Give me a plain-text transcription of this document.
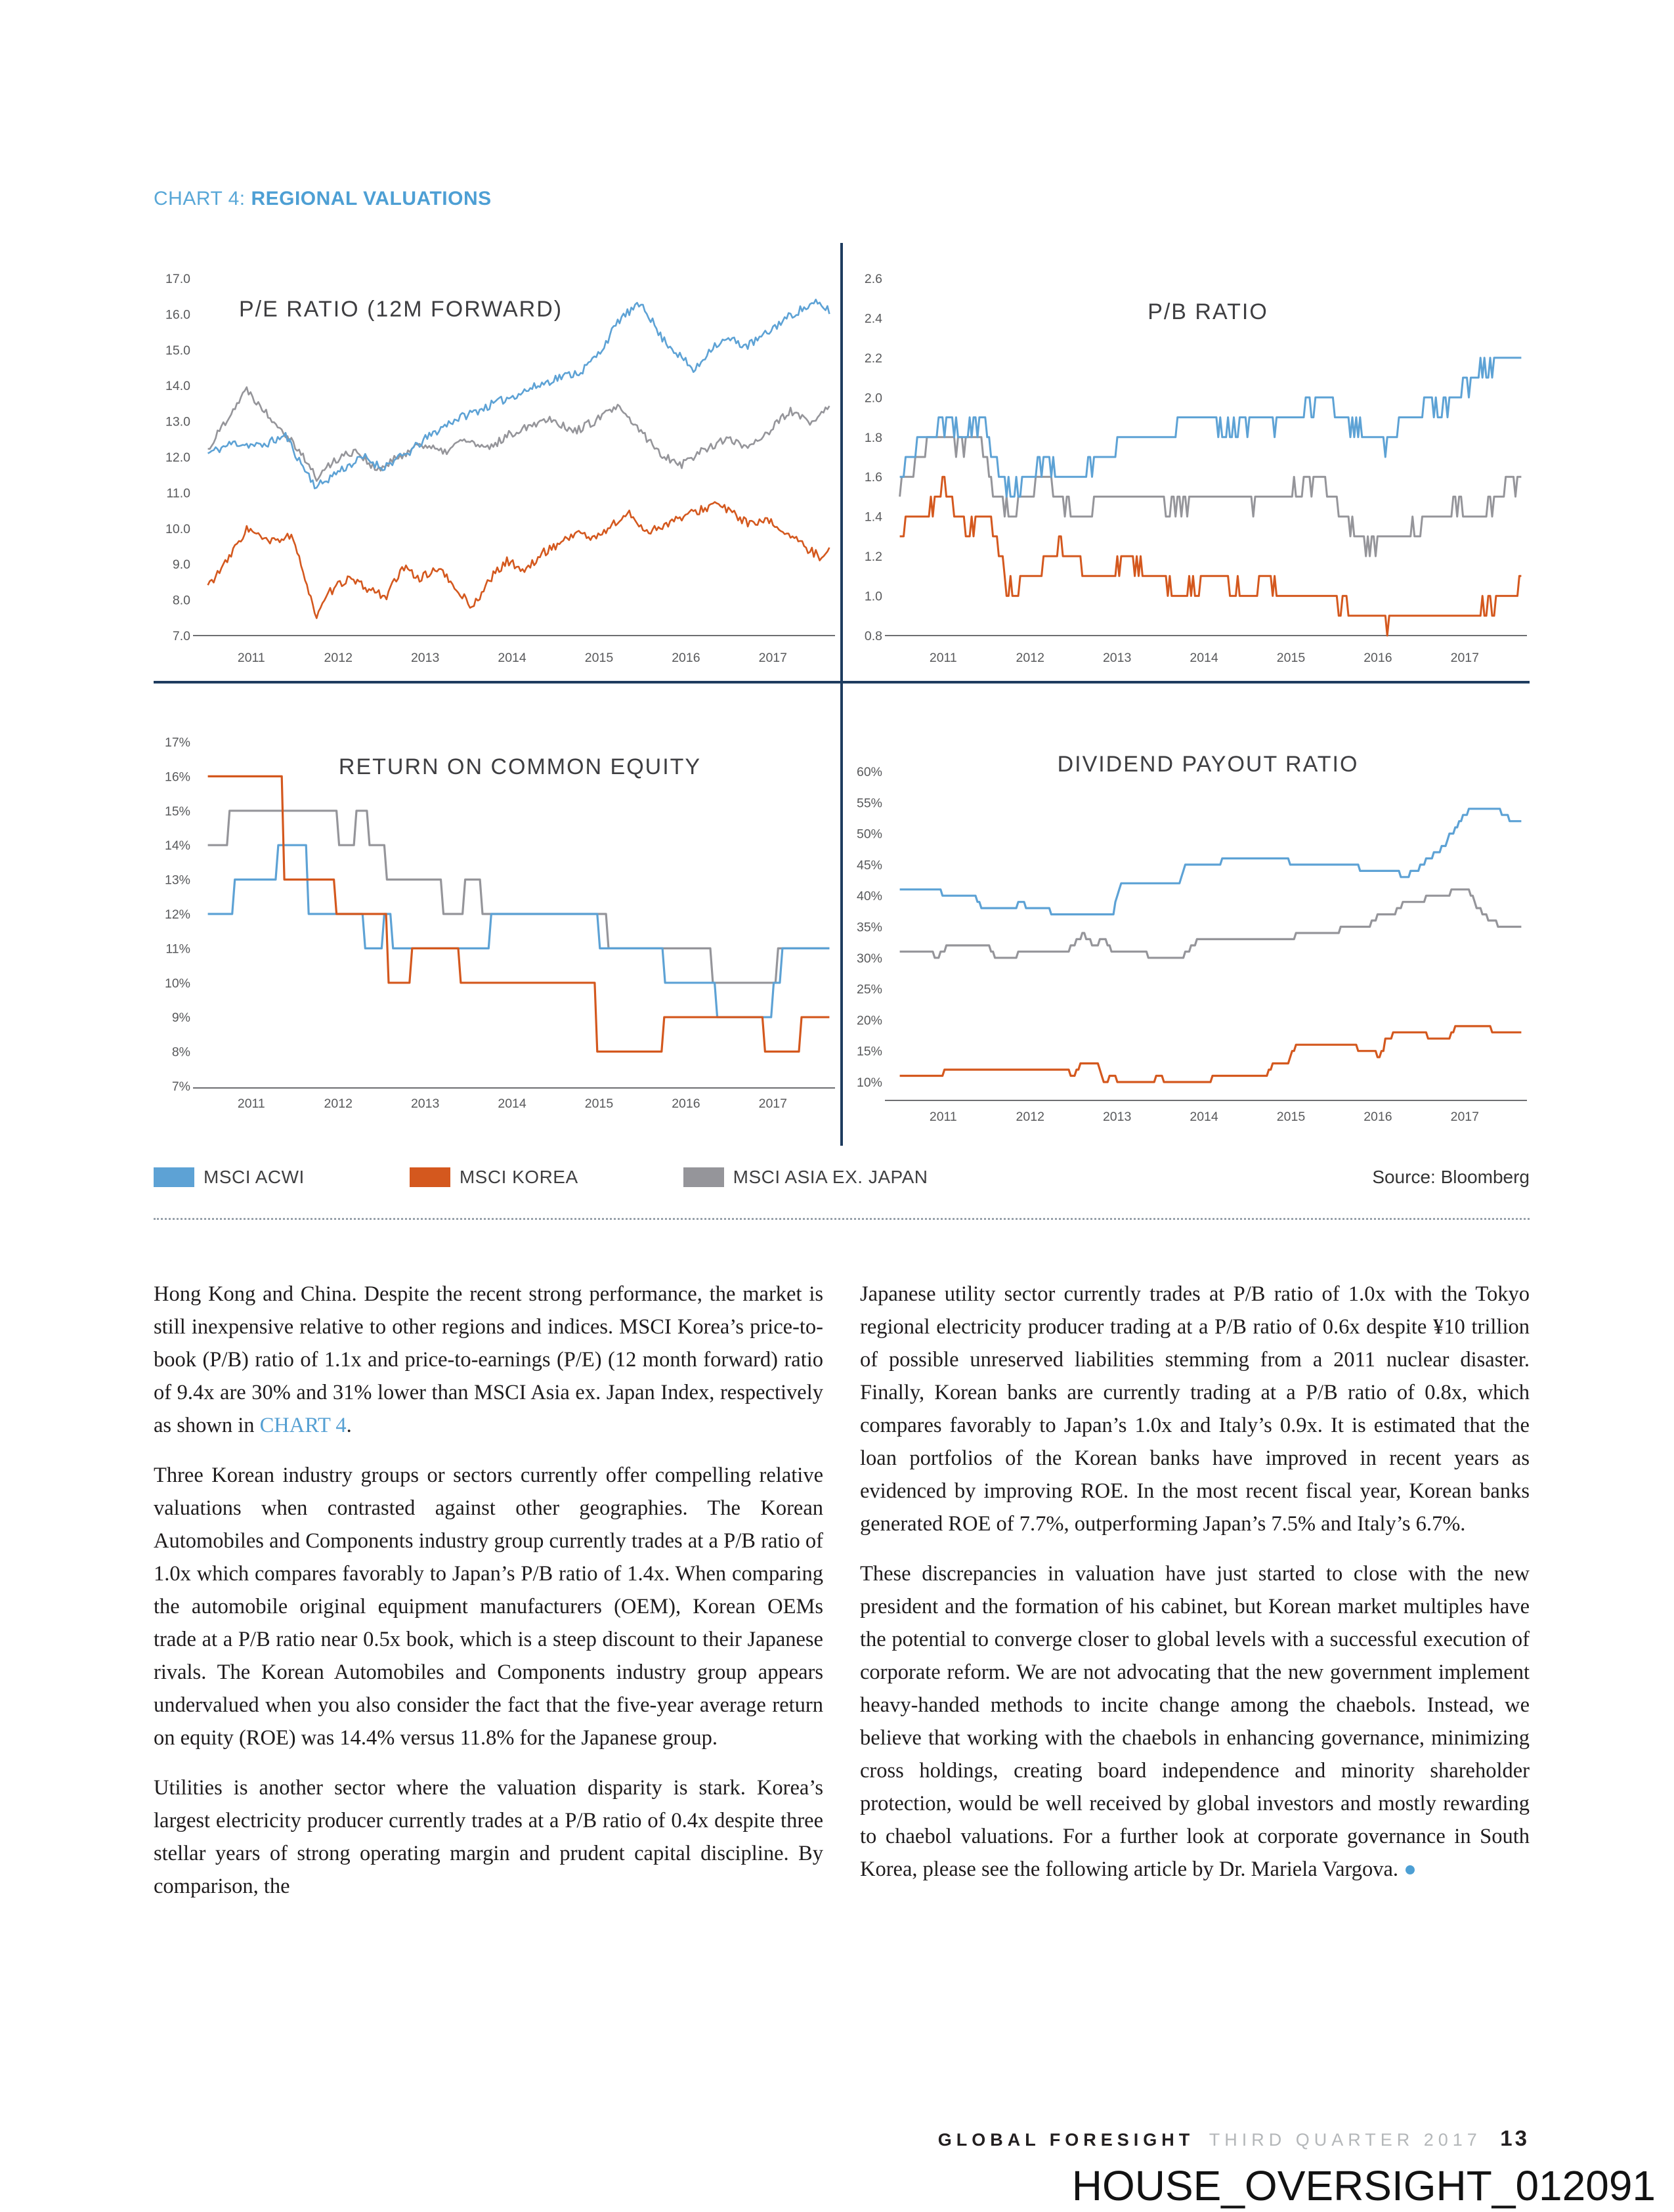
CHART 4: REGIONAL VALUATIONS
P/E RATIO (12M FORWARD)
17.0
16.0
15.0
14.0
13.0
12.0
11.0
10.0
9.0
8.0
7.0
2011	2012	2013	2014	2015	2016	2017
P/B RATIO
2.6
2.4
2.2
2.0
1.8
1.6
1.4
1.2
1.0
0.8
2011	2012	2013	2014	2015	2016	2017
RETURN ON COMMON EQUITY
17%
16%
15%
14%
13%
12%
11%
10%
9%
8%
7%
2011	2012	2013	2014	2015	2016	2017
DIVIDEND PAYOUT RATIO
60%
55%
50%
45%
40%
35%
30%
25%
20%
15%
10%
2011	2012	2013	2014	2015	2016	2017
MSCI ACWI	MSCI KOREA	MSCI ASIA EX. JAPAN	Source: Bloomberg

Hong Kong and China. Despite the recent strong performance, the market is still inexpensive relative to other regions and indices. MSCI Korea’s price-to-book (P/B) ratio of 1.1x and price-to-earnings (P/E) (12 month forward) ratio of 9.4x are 30% and 31% lower than MSCI Asia ex. Japan Index, respectively as shown in CHART 4.

Three Korean industry groups or sectors currently offer compelling relative valuations when contrasted against other geographies. The Korean Automobiles and Components industry group currently trades at a P/B ratio of 1.0x which compares favorably to Japan’s P/B ratio of 1.4x. When comparing the automobile original equipment manufacturers (OEM), Korean OEMs trade at a P/B ratio near 0.5x book, which is a steep discount to their Japanese rivals. The Korean Automobiles and Components industry group appears undervalued when you also consider the fact that the five-year average return on equity (ROE) was 14.4% versus 11.8% for the Japanese group.

Utilities is another sector where the valuation disparity is stark. Korea’s largest electricity producer currently trades at a P/B ratio of 0.4x despite three stellar years of strong operating margin and prudent capital discipline. By comparison, the

Japanese utility sector currently trades at P/B ratio of 1.0x with the Tokyo regional electricity producer trading at a P/B ratio of 0.6x despite ¥10 trillion of possible unreserved liabilities stemming from a 2011 nuclear disaster. Finally, Korean banks are currently trading at a P/B ratio of 0.8x, which compares favorably to Japan’s 1.0x and Italy’s 0.9x. It is estimated that the loan portfolios of the Korean banks have improved in recent years as evidenced by improving ROE. In the most recent fiscal year, Korean banks generated ROE of 7.7%, outperforming Japan’s 7.5% and Italy’s 6.7%.

These discrepancies in valuation have just started to close with the new president and the formation of his cabinet, but Korean market multiples have the potential to converge closer to global levels with a successful execution of corporate reform. We are not advocating that the new government implement heavy-handed methods to incite change among the chaebols. Instead, we believe that working with the chaebols in enhancing governance, minimizing cross holdings, creating board independence and minority shareholder protection, would be well received by global investors and mostly rewarding to chaebol valuations. For a further look at corporate governance in South Korea, please see the following article by Dr. Mariela Vargova. ●

GLOBAL FORESIGHT THIRD QUARTER 2017 13
HOUSE_OVERSIGHT_012091
